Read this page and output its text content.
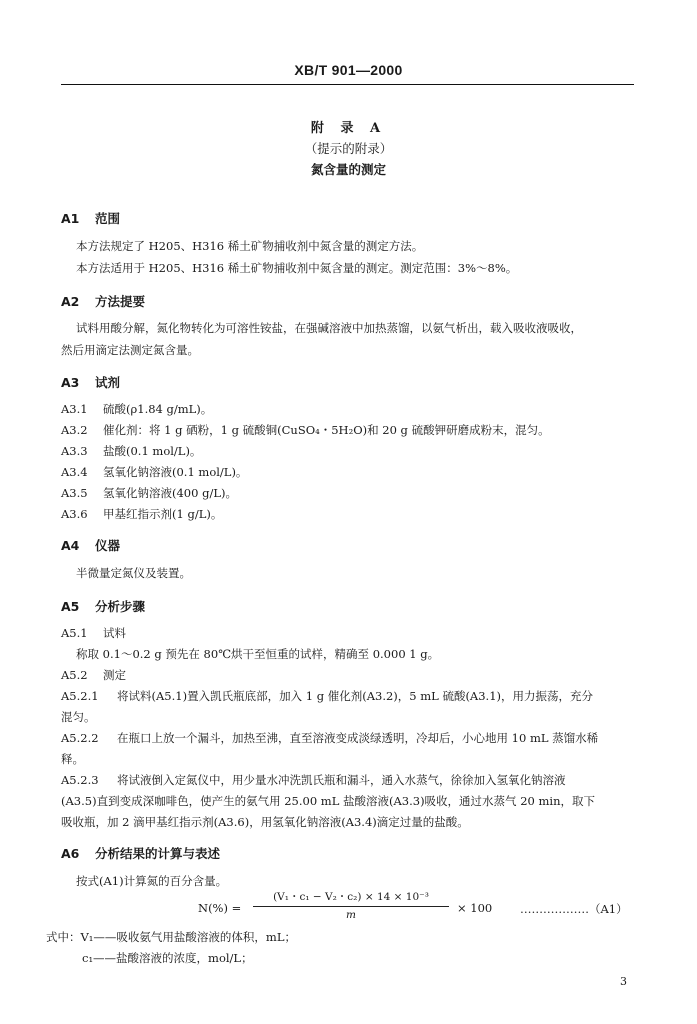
XB/T 901—2000
附 录 A
（提示的附录）
氮含量的测定
A1 范围
本方法规定了 H205、H316 稀土矿物捕收剂中氮含量的测定方法。
本方法适用于 H205、H316 稀土矿物捕收剂中氮含量的测定。测定范围：3%～8%。
A2 方法提要
试料用酸分解，氮化物转化为可溶性铵盐，在强碱溶液中加热蒸馏，以氨气析出，载入吸收液吸收，
然后用滴定法测定氮含量。
A3 试剂
A3.1 硫酸(ρ1.84 g/mL)。
A3.2 催化剂：将 1 g 硒粉，1 g 硫酸铜(CuSO₄・5H₂O)和 20 g 硫酸钾研磨成粉末，混匀。
A3.3 盐酸(0.1 mol/L)。
A3.4 氢氧化钠溶液(0.1 mol/L)。
A3.5 氢氧化钠溶液(400 g/L)。
A3.6 甲基红指示剂(1 g/L)。
A4 仪器
半微量定氮仪及装置。
A5 分析步骤
A5.1 试料
称取 0.1～0.2 g 预先在 80℃烘干至恒重的试样，精确至 0.000 1 g。
A5.2 测定
A5.2.1 将试料(A5.1)置入凯氏瓶底部，加入 1 g 催化剂(A3.2)，5 mL 硫酸(A3.1)，用力振荡，充分
混匀。
A5.2.2 在瓶口上放一个漏斗，加热至沸，直至溶液变成淡绿透明，冷却后，小心地用 10 mL 蒸馏水稀
释。
A5.2.3 将试液倒入定氮仪中，用少量水冲洗凯氏瓶和漏斗，通入水蒸气，徐徐加入氢氧化钠溶液
(A3.5)直到变成深咖啡色，使产生的氨气用 25.00 mL 盐酸溶液(A3.3)吸收，通过水蒸气 20 min，取下
吸收瓶，加 2 滴甲基红指示剂(A3.6)，用氢氧化钠溶液(A3.4)滴定过量的盐酸。
A6 分析结果的计算与表述
按式(A1)计算氮的百分含量。
N(%) =
(V₁・c₁ − V₂・c₂) × 14 × 10⁻³
m	× 100 ………………（A1）
式中：V₁——吸收氨气用盐酸溶液的体积，mL；
c₁——盐酸溶液的浓度，mol/L；
3
